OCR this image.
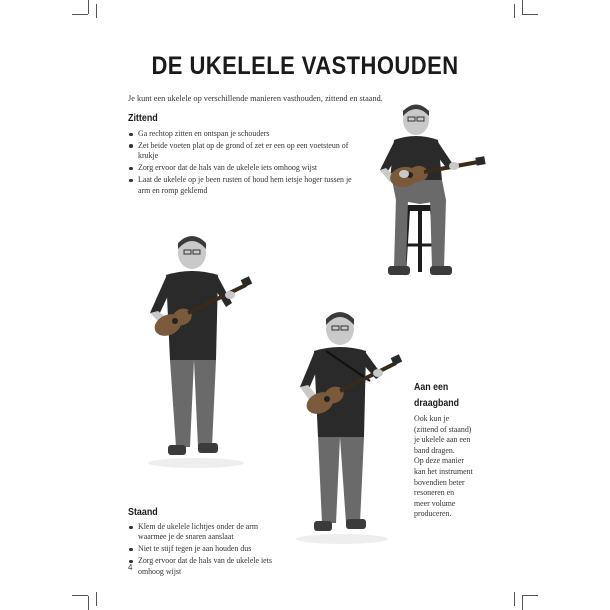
DE UKELELE VASTHOUDEN
Je kunt een ukelele op verschillende manieren vasthouden, zittend en staand.
Zittend
Ga rechtop zitten en ontspan je schouders
Zet beide voeten plat op de grond of zet er een op een voetsteun of krukje
Zorg ervoor dat de hals van de ukelele iets omhoog wijst
Laat de ukelele op je been rusten of houd hem ietsje hoger tussen je arm en romp geklemd
Staand
Klem de ukelele lichtjes onder de arm waarmee je de snaren aanslaat
Niet te stijf tegen je aan houden dus
Zorg ervoor dat de hals van de ukelele iets omhoog wijst
Aan een
draagband
Ook kun je
(zittend of staand)
je ukelele aan een
band dragen.
Op deze manier
kan het instrument
bovendien beter
resoneren en
meer volume
produceren.
4
